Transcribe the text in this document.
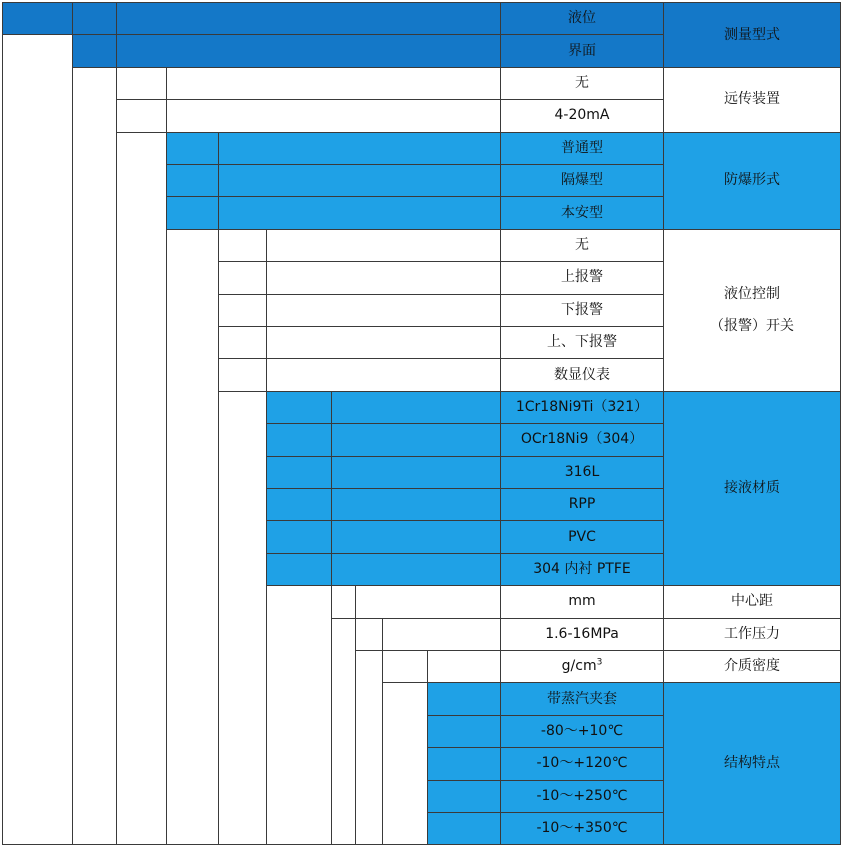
液位
界面
测量型式
无
4-20mA
远传装置
普通型
隔爆型
本安型
防爆形式
无
上报警
下报警
上、下报警
数显仪表
液位控制
（报警）开关
1Cr18Ni9Ti（321）
OCr18Ni9（304）
316L
RPP
PVC
304 内衬 PTFE
接液材质
mm	中心距
1.6-16MPa	工作压力
$g/cm^3$	介质密度
带蒸汽夹套
-80～+10℃
-10～+120℃
-10～+250℃
-10～+350℃
结构特点
